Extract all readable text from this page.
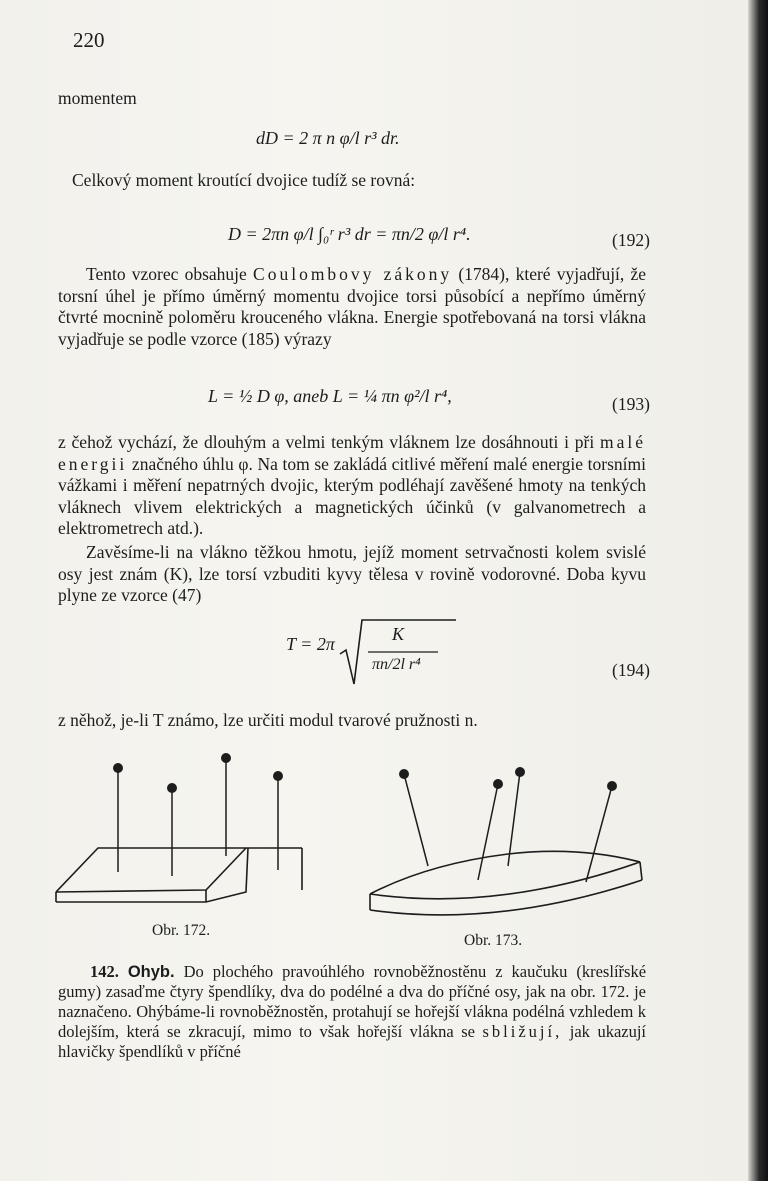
220
momentem
dD = 2 π n φ/l r³ dr.
Celkový moment kroutící dvojice tudíž se rovná:
D = 2πn φ/l ∫₀ʳ r³ dr = πn/2 φ/l r⁴.	(192)
Tento vzorec obsahuje Coulombovy zákony (1784), které vyjadřují, že torsní úhel je přímo úměrný momentu dvojice torsi působící a nepřímo úměrný čtvrté mocnině poloměru krouceného vlákna. Energie spotřebovaná na torsi vlákna vyjadřuje se podle vzorce (185) výrazy
L = ½ D φ, aneb L = ¼ πn φ²/l r⁴,	(193)
z čehož vychází, že dlouhým a velmi tenkým vláknem lze dosáhnouti i při malé energii značného úhlu φ. Na tom se zakládá citlivé měření malé energie torsními vážkami i měření nepatrných dvojic, kterým podléhají zavěšené hmoty na tenkých vláknech vlivem elektrických a magnetických účinků (v galvanometrech a elektrometrech atd.).
Zavěsíme-li na vlákno těžkou hmotu, jejíž moment setrvačnosti kolem svislé osy jest znám (K), lze torsí vzbuditi kyvy tělesa v rovině vodorovné. Doba kyvu plyne ze vzorce (47)
T = 2π	K
πn/2l r⁴	(194)
z něhož, je-li T známo, lze určiti modul tvarové pružnosti n.
Obr. 172.
Obr. 173.
142. Ohyb. Do plochého pravoúhlého rovnoběžnostěnu z kaučuku (kreslířské gumy) zasaďme čtyry špendlíky, dva do podélné a dva do příčné osy, jak na obr. 172. je naznačeno. Ohýbáme-li rovnoběžnostěn, protahují se hořejší vlákna podélná vzhledem k dolejším, která se zkracují, mimo to však hořejší vlákna se sbližují, jak ukazují hlavičky špendlíků v příčné
